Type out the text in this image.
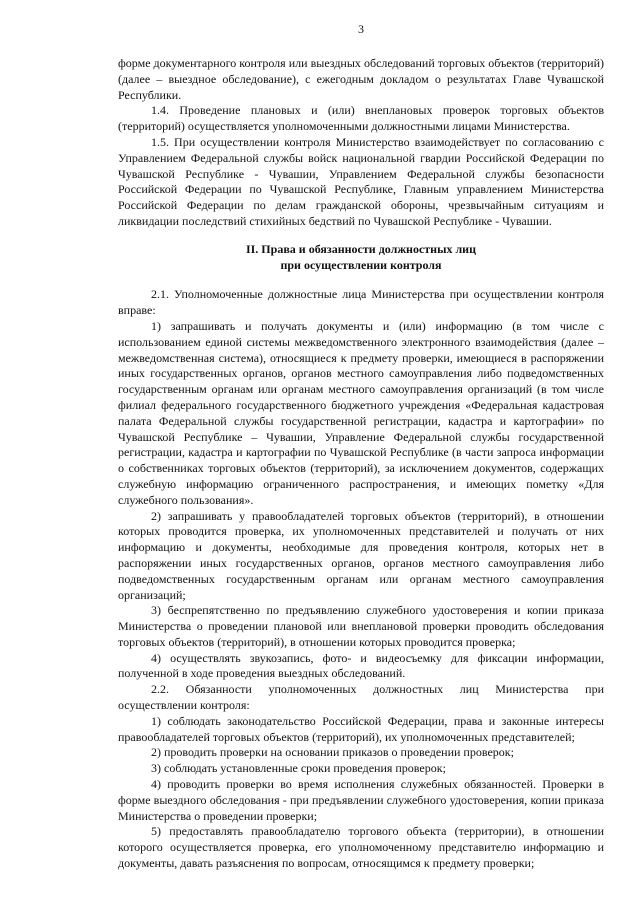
3

форме документарного контроля или выездных обследований торговых объектов (территорий) (далее – выездное обследование), с ежегодным докладом о результатах Главе Чувашской Республики.

1.4. Проведение плановых и (или) внеплановых проверок торговых объектов (территорий) осуществляется уполномоченными должностными лицами Министерства.

1.5. При осуществлении контроля Министерство взаимодействует по согласованию с Управлением Федеральной службы войск национальной гвардии Российской Федерации по Чувашской Республике - Чувашии, Управлением Федеральной службы безопасности Российской Федерации по Чувашской Республике, Главным управлением Министерства Российской Федерации по делам гражданской обороны, чрезвычайным ситуациям и ликвидации последствий стихийных бедствий по Чувашской Республике - Чувашии.

II. Права и обязанности должностных лиц
при осуществлении контроля

2.1. Уполномоченные должностные лица Министерства при осуществлении контроля вправе:

1) запрашивать и получать документы и (или) информацию (в том числе с использованием единой системы межведомственного электронного взаимодействия (далее – межведомственная система), относящиеся к предмету проверки, имеющиеся в распоряжении иных государственных органов, органов местного самоуправления либо подведомственных государственным органам или органам местного самоуправления организаций (в том числе филиал федерального государственного бюджетного учреждения «Федеральная кадастровая палата Федеральной службы государственной регистрации, кадастра и картографии» по Чувашской Республике – Чувашии, Управление Федеральной службы государственной регистрации, кадастра и картографии по Чувашской Республике (в части запроса информации о собственниках торговых объектов (территорий), за исключением документов, содержащих служебную информацию ограниченного распространения, и имеющих пометку «Для служебного пользования».

2) запрашивать у правообладателей торговых объектов (территорий), в отношении которых проводится проверка, их уполномоченных представителей и получать от них информацию и документы, необходимые для проведения контроля, которых нет в распоряжении иных государственных органов, органов местного самоуправления либо подведомственных государственным органам или органам местного самоуправления организаций;

3) беспрепятственно по предъявлению служебного удостоверения и копии приказа Министерства о проведении плановой или внеплановой проверки проводить обследования торговых объектов (территорий), в отношении которых проводится проверка;

4) осуществлять звукозапись, фото- и видеосъемку для фиксации информации, полученной в ходе проведения выездных обследований.

2.2. Обязанности уполномоченных должностных лиц Министерства при осуществлении контроля:

1) соблюдать законодательство Российской Федерации, права и законные интересы правообладателей торговых объектов (территорий), их уполномоченных представителей;

2) проводить проверки на основании приказов о проведении проверок;

3) соблюдать установленные сроки проведения проверок;

4) проводить проверки во время исполнения служебных обязанностей. Проверки в форме выездного обследования - при предъявлении служебного удостоверения, копии приказа Министерства о проведении проверки;

5) предоставлять правообладателю торгового объекта (территории), в отношении которого осуществляется проверка, его уполномоченному представителю информацию и документы, давать разъяснения по вопросам, относящимся к предмету проверки;
